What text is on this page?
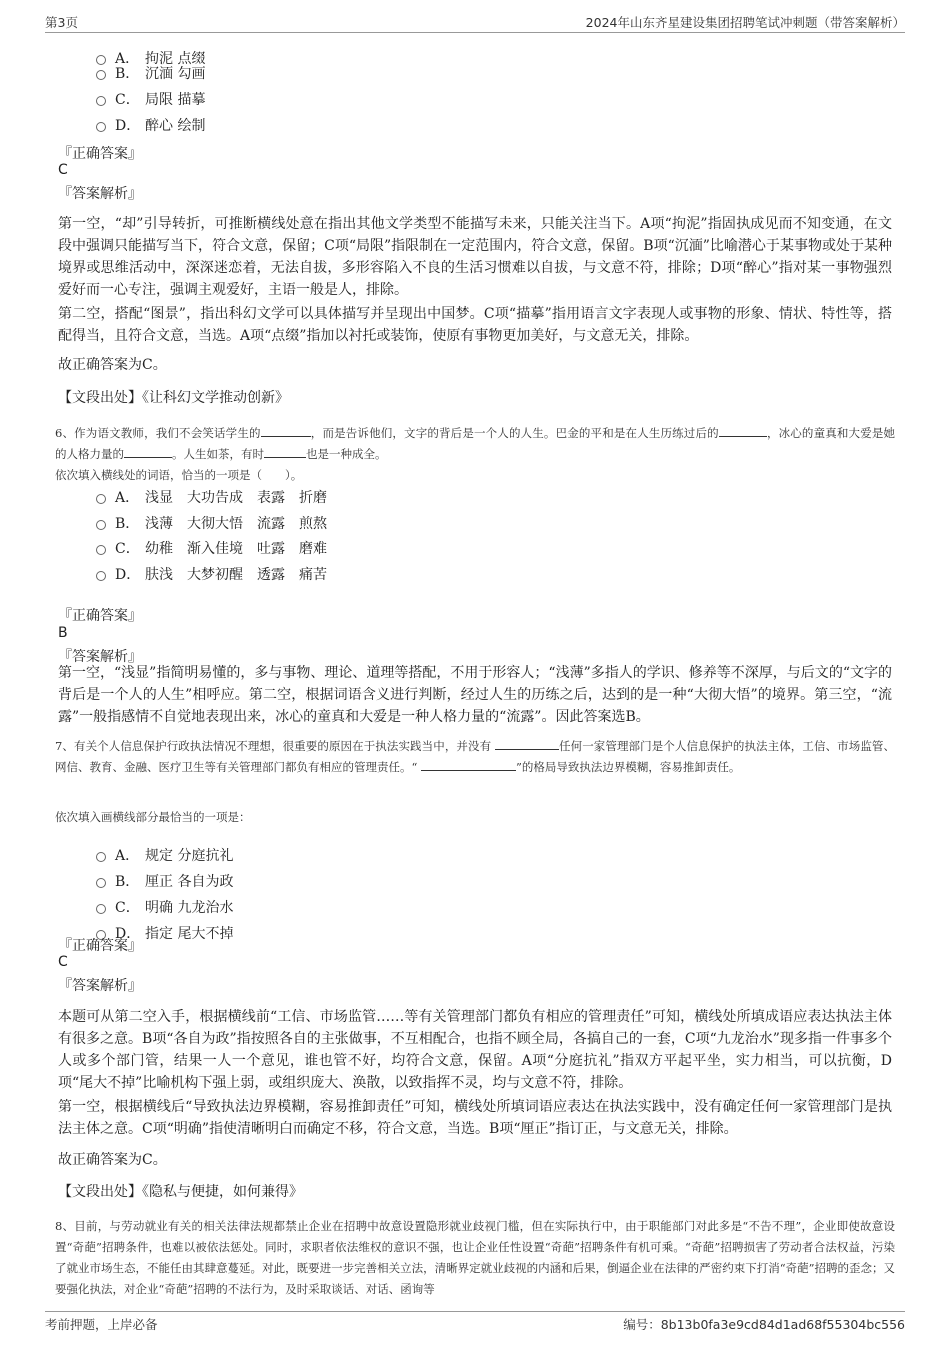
第3页	2024年山东齐星建设集团招聘笔试冲刺题（带答案解析）
A． 拘泥 点缀
B． 沉湎 勾画
C． 局限 描摹
D． 醉心 绘制
『正确答案』
C
『答案解析』
第一空，“却”引导转折，可推断横线处意在指出其他文学类型不能描写未来，只能关注当下。A项“拘泥”指固执成见而不知变通，在文段中强调只能描写当下，符合文意，保留；C项“局限”指限制在一定范围内，符合文意，保留。B项“沉湎”比喻潜心于某事物或处于某种境界或思维活动中，深深迷恋着，无法自拔，多形容陷入不良的生活习惯难以自拔，与文意不符，排除；D项“醉心”指对某一事物强烈爱好而一心专注，强调主观爱好，主语一般是人，排除。
第二空，搭配“图景”，指出科幻文学可以具体描写并呈现出中国梦。C项“描摹”指用语言文字表现人或事物的形象、情状、特性等，搭配得当，且符合文意，当选。A项“点缀”指加以衬托或装饰，使原有事物更加美好，与文意无关，排除。
故正确答案为C。
【文段出处】《让科幻文学推动创新》
6、作为语文教师，我们不会笑话学生的	，而是告诉他们，文字的背后是一个人的人生。巴金的平和是在人生历练过后的	，冰心的童真和大爱是她的人格力量的	。人生如茶，有时	也是一种成全。
依次填入横线处的词语，恰当的一项是（　　）。
A． 浅显　大功告成　表露　折磨
B． 浅薄　大彻大悟　流露　煎熬
C． 幼稚　渐入佳境　吐露　磨难
D． 肤浅　大梦初醒　透露　痛苦
『正确答案』
B
『答案解析』
第一空，“浅显”指简明易懂的，多与事物、理论、道理等搭配，不用于形容人；“浅薄”多指人的学识、修养等不深厚，与后文的“文字的背后是一个人的人生”相呼应。第二空，根据词语含义进行判断，经过人生的历练之后，达到的是一种“大彻大悟”的境界。第三空，“流露”一般指感情不自觉地表现出来，冰心的童真和大爱是一种人格力量的“流露”。因此答案选B。
7、有关个人信息保护行政执法情况不理想，很重要的原因在于执法实践当中，并没有	任何一家管理部门是个人信息保护的执法主体，工信、市场监管、网信、教育、金融、医疗卫生等有关管理部门都负有相应的管理责任。“	”的格局导致执法边界模糊，容易推卸责任。
依次填入画横线部分最恰当的一项是：
A． 规定 分庭抗礼
B． 厘正 各自为政
C． 明确 九龙治水
D． 指定 尾大不掉
『正确答案』
C
『答案解析』
本题可从第二空入手，根据横线前“工信、市场监管……等有关管理部门都负有相应的管理责任”可知，横线处所填成语应表达执法主体有很多之意。B项“各自为政”指按照各自的主张做事，不互相配合，也指不顾全局，各搞自己的一套，C项“九龙治水”现多指一件事多个人或多个部门管，结果一人一个意见，谁也管不好，均符合文意，保留。A项“分庭抗礼”指双方平起平坐，实力相当，可以抗衡，D项“尾大不掉”比喻机构下强上弱，或组织庞大、涣散，以致指挥不灵，均与文意不符，排除。
第一空，根据横线后“导致执法边界模糊，容易推卸责任”可知，横线处所填词语应表达在执法实践中，没有确定任何一家管理部门是执法主体之意。C项“明确”指使清晰明白而确定不移，符合文意，当选。B项“厘正”指订正，与文意无关，排除。
故正确答案为C。
【文段出处】《隐私与便捷，如何兼得》
8、目前，与劳动就业有关的相关法律法规都禁止企业在招聘中故意设置隐形就业歧视门槛，但在实际执行中，由于职能部门对此多是“不告不理”，企业即使故意设置“奇葩”招聘条件，也难以被依法惩处。同时，求职者依法维权的意识不强，也让企业任性设置“奇葩”招聘条件有机可乘。“奇葩”招聘损害了劳动者合法权益，污染了就业市场生态，不能任由其肆意蔓延。对此，既要进一步完善相关立法，清晰界定就业歧视的内涵和后果，倒逼企业在法律的严密约束下打消“奇葩”招聘的歪念；又要强化执法，对企业“奇葩”招聘的不法行为，及时采取谈话、对话、函询等
考前押题，上岸必备	编号：8b13b0fa3e9cd84d1ad68f55304bc556
